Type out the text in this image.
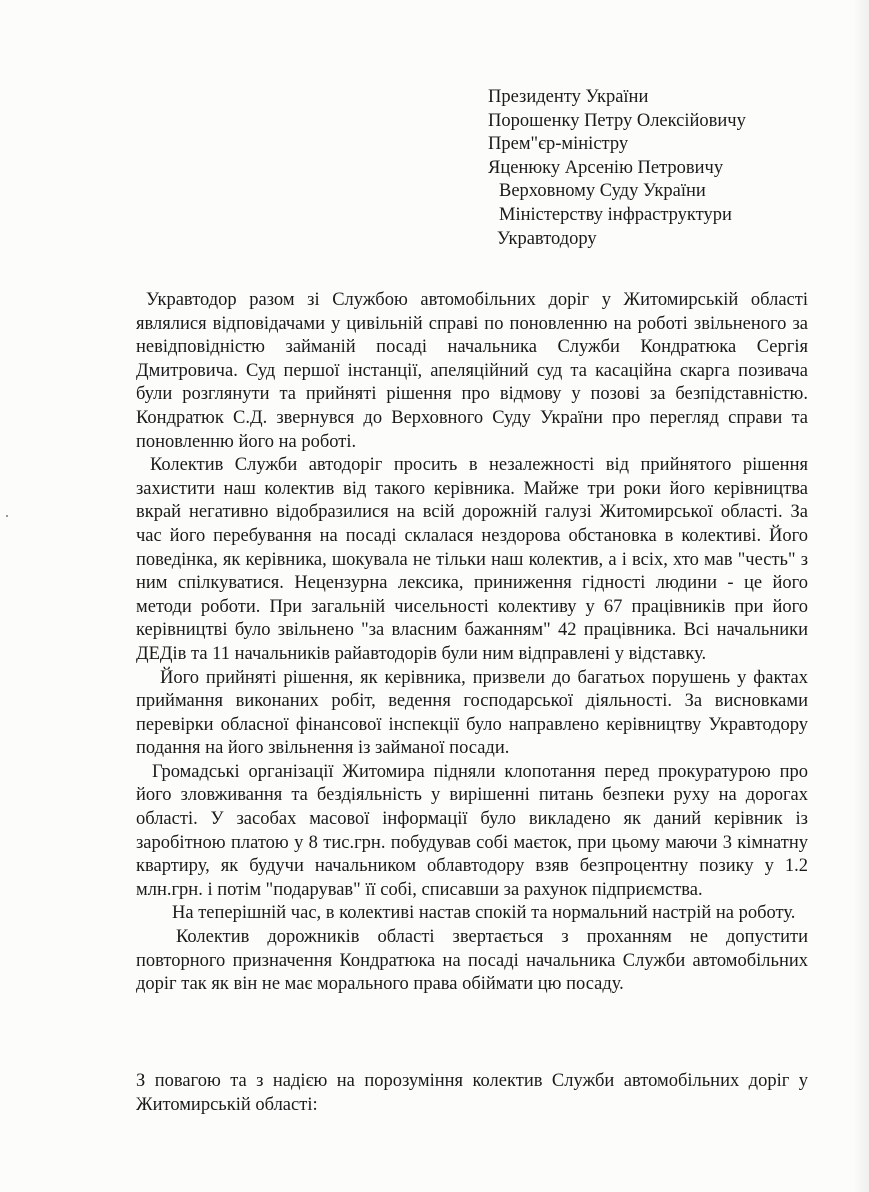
Президенту України
Порошенку Петру Олексійовичу
Прем"єр-міністру
Яценюку Арсенію Петровичу
Верховному Суду України
Міністерству інфраструктури
Укравтодору

Укравтодор разом зі Службою автомобільних доріг у Житомирській області являлися відповідачами у цивільній справі по поновленню на роботі звільненого за невідповідністю займаній посаді начальника Служби Кондратюка Сергія Дмитровича. Суд першої інстанції, апеляційний суд та касаційна скарга позивача були розглянути та прийняті рішення про відмову у позові за безпідставністю. Кондратюк С.Д. звернувся до Верховного Суду України про перегляд справи та поновленню його на роботі.

Колектив Служби автодоріг просить в незалежності від прийнятого рішення захистити наш колектив від такого керівника. Майже три роки його керівництва вкрай негативно відобразилися на всій дорожній галузі Житомирської області. За час його перебування на посаді склалася нездорова обстановка в колективі. Його поведінка, як керівника, шокувала не тільки наш колектив, а і всіх, хто мав "честь" з ним спілкуватися. Нецензурна лексика, приниження гідності людини - це його методи роботи. При загальній чисельності колективу у 67 працівників при його керівництві було звільнено "за власним бажанням" 42 працівника. Всі начальники ДЕДів та 11 начальників райавтодорів були ним відправлені у відставку.

Його прийняті рішення, як керівника, призвели до багатьох порушень у фактах приймання виконаних робіт, ведення господарської діяльності. За висновками перевірки обласної фінансової інспекції було направлено керівництву Укравтодору подання на його звільнення із займаної посади.

Громадські організації Житомира підняли клопотання перед прокуратурою про його зловживання та бездіяльність у вирішенні питань безпеки руху на дорогах області. У засобах масової інформації було викладено як даний керівник із заробітною платою у 8 тис.грн. побудував собі маєток, при цьому маючи 3 кімнатну квартиру, як будучи начальником облавтодору взяв безпроцентну позику у 1.2 млн.грн. і потім "подарував" її собі, списавши за рахунок підприємства.

На теперішній час, в колективі настав спокій та нормальний настрій на роботу.

Колектив дорожників області звертається з проханням не допустити повторного призначення Кондратюка на посаді начальника Служби автомобільних доріг так як він не має морального права обіймати цю посаду.

З повагою та з надією на порозуміння колектив Служби автомобільних доріг у Житомирській області:
